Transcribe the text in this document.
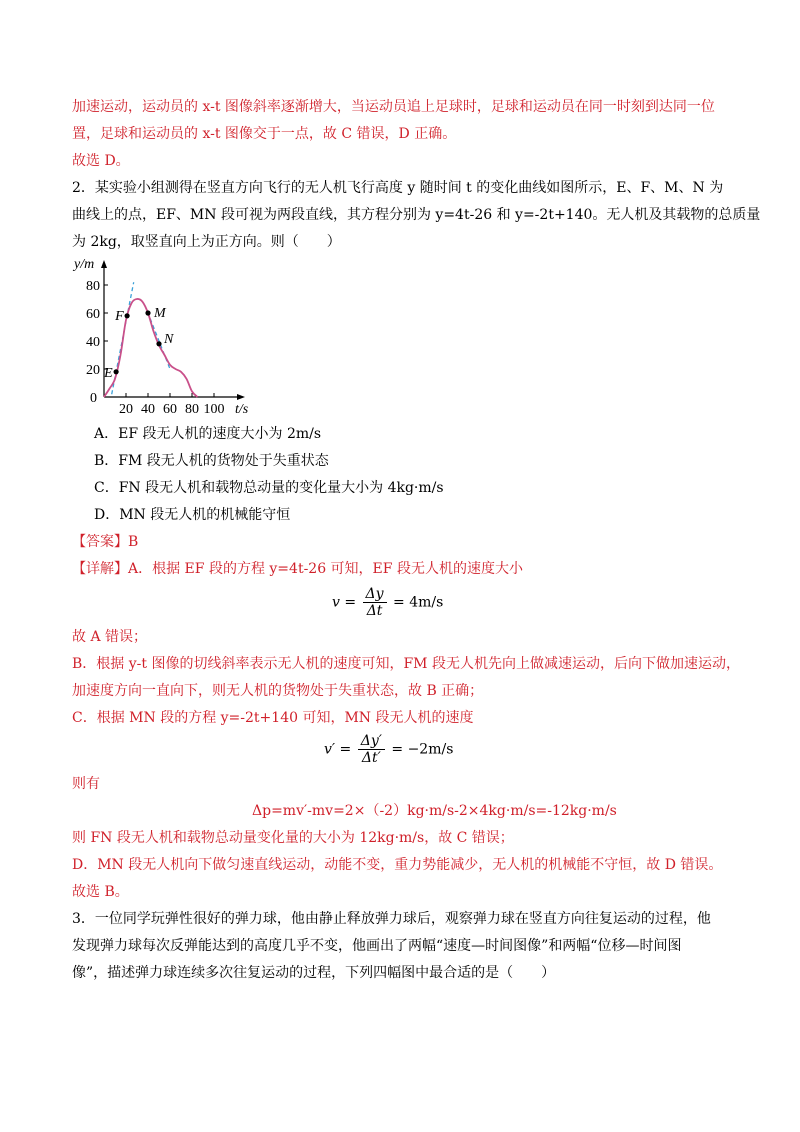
加速运动，运动员的 x-t 图像斜率逐渐增大，当运动员追上足球时，足球和运动员在同一时刻到达同一位
置，足球和运动员的 x-t 图像交于一点，故 C 错误，D 正确。
故选 D。
2．某实验小组测得在竖直方向飞行的无人机飞行高度 y 随时间 t 的变化曲线如图所示，E、F、M、N 为
曲线上的点，EF、MN 段可视为两段直线，其方程分别为 y=4t-26 和 y=-2t+140。无人机及其载物的总质量
为 2kg，取竖直向上为正方向。则（　　）
y/m
t/s
0
20 40 60 80 100
20
40
60
80
E
F M
N
A．EF 段无人机的速度大小为 2m/s
B．FM 段无人机的货物处于失重状态
C．FN 段无人机和载物总动量的变化量大小为 4kg·m/s
D．MN 段无人机的机械能守恒
【答案】B
【详解】A．根据 EF 段的方程 y=4t-26 可知，EF 段无人机的速度大小
$v = \frac{\Delta y}{\Delta t} = 4m/s$
故 A 错误；
B．根据 y-t 图像的切线斜率表示无人机的速度可知，FM 段无人机先向上做减速运动，后向下做加速运动，
加速度方向一直向下，则无人机的货物处于失重状态，故 B 正确；
C．根据 MN 段的方程 y=-2t+140 可知，MN 段无人机的速度
$v' = \frac{\Delta y'}{\Delta t'} = -2m/s$
则有
Δp=mv′-mv=2×（-2）kg·m/s-2×4kg·m/s=-12kg·m/s
则 FN 段无人机和载物总动量变化量的大小为 12kg·m/s，故 C 错误；
D．MN 段无人机向下做匀速直线运动，动能不变，重力势能减少，无人机的机械能不守恒，故 D 错误。
故选 B。
3．一位同学玩弹性很好的弹力球，他由静止释放弹力球后，观察弹力球在竖直方向往复运动的过程，他
发现弹力球每次反弹能达到的高度几乎不变，他画出了两幅“速度—时间图像”和两幅“位移—时间图
像”，描述弹力球连续多次往复运动的过程，下列四幅图中最合适的是（　　）
